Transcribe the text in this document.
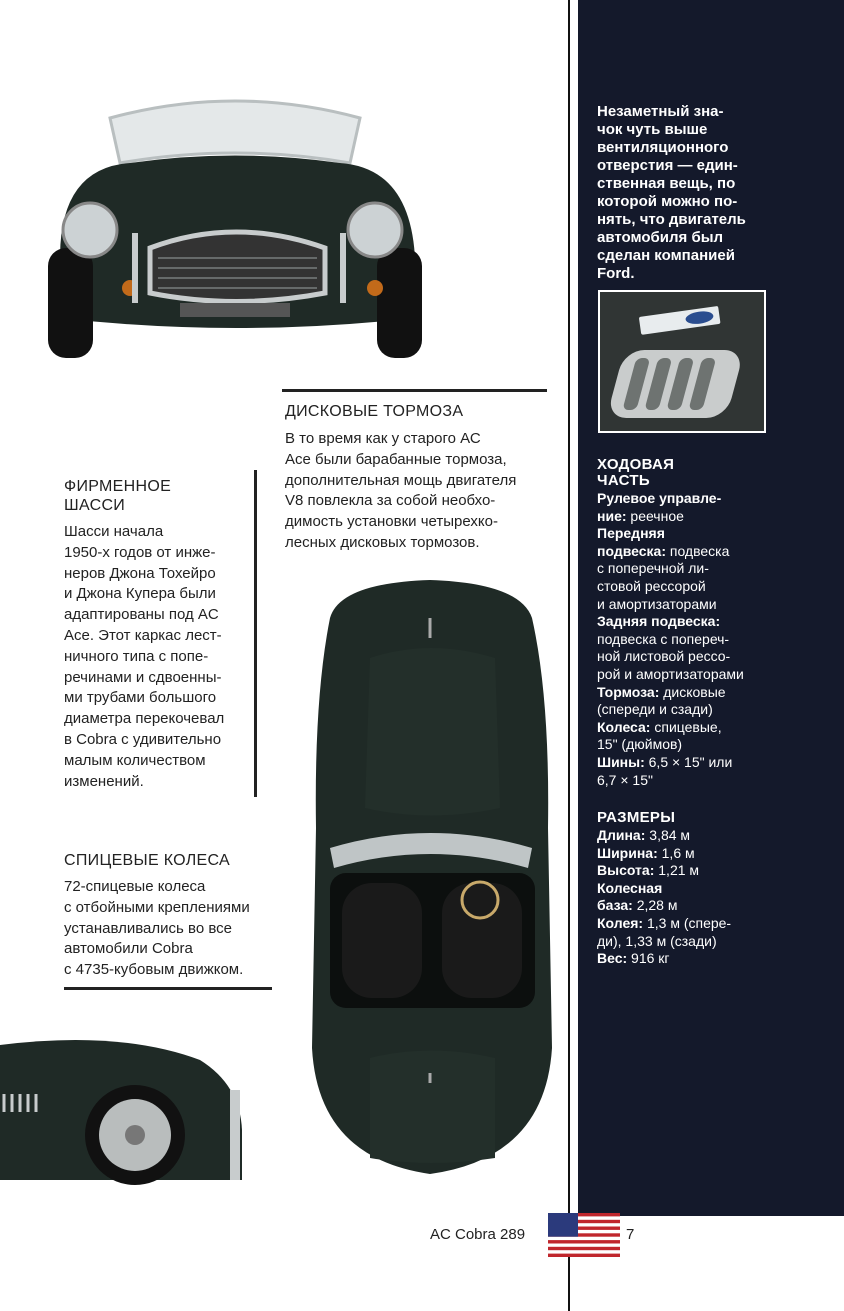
Незаметный зна-
чок чуть выше
вентиляционного
отверстия — един-
ственная вещь, по
которой можно по-
нять, что двигатель
автомобиля был
сделан компанией
Ford.
ХОДОВАЯ
ЧАСТЬ
Рулевое управле-
ние: реечное
Передняя
подвеска: подвеска
с поперечной ли-
стовой рессорой
и амортизаторами
Задняя подвеска:
подвеска с попереч-
ной листовой рессо-
рой и амортизаторами
Тормоза: дисковые
(спереди и сзади)
Колеса: спицевые,
15" (дюймов)
Шины: 6,5 × 15" или
6,7 × 15"
РАЗМЕРЫ
Длина: 3,84 м
Ширина: 1,6 м
Высота: 1,21 м
Колесная
база: 2,28 м
Колея: 1,3 м (спере-
ди), 1,33 м (сзади)
Вес: 916 кг
ДИСКОВЫЕ ТОРМОЗА
В то время как у старого АС
Ace были барабанные тормоза,
дополнительная мощь двигателя
V8 повлекла за собой необхо-
димость установки четырехко-
лесных дисковых тормозов.
ФИРМЕННОЕ
ШАССИ
Шасси начала
1950-х годов от инже-
неров Джона Тохейро
и Джона Купера были
адаптированы под AC
Ace. Этот каркас лест-
ничного типа с попе-
речинами и сдвоенны-
ми трубами большого
диаметра перекочевал
в Cobra с удивительно
малым количеством
изменений.
СПИЦЕВЫЕ КОЛЕСА
72-спицевые колеса
с отбойными креплениями
устанавливались во все
автомобили Cobra
с 4735-кубовым движком.
AC Cobra 289	7
